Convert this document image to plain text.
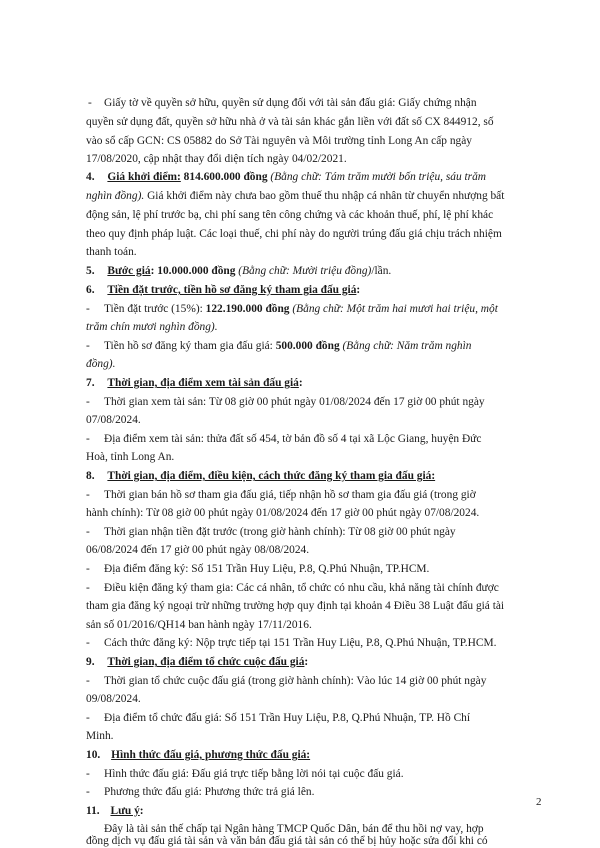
- Giấy tờ về quyền sở hữu, quyền sử dụng đối với tài sản đấu giá: Giấy chứng nhận
quyền sử dụng đất, quyền sở hữu nhà ở và tài sản khác gắn liền với đất số CX 844912, số
vào sổ cấp GCN: CS 05882 do Sở Tài nguyên và Môi trường tỉnh Long An cấp ngày
17/08/2020, cập nhật thay đổi diện tích ngày 04/02/2021.
4. Giá khởi điểm: 814.600.000 đồng (Bằng chữ: Tám trăm mười bốn triệu, sáu trăm
nghìn đồng). Giá khởi điểm này chưa bao gồm thuế thu nhập cá nhân từ chuyển nhượng bất
động sản, lệ phí trước bạ, chi phí sang tên công chứng và các khoản thuế, phí, lệ phí khác
theo quy định pháp luật. Các loại thuế, chi phí này do người trúng đấu giá chịu trách nhiệm
thanh toán.
5. Bước giá: 10.000.000 đồng (Bằng chữ: Mười triệu đồng)/lần.
6. Tiền đặt trước, tiền hồ sơ đăng ký tham gia đấu giá:
- Tiền đặt trước (15%): 122.190.000 đồng (Bằng chữ: Một trăm hai mươi hai triệu, một
trăm chín mươi nghìn đồng).
- Tiền hồ sơ đăng ký tham gia đấu giá: 500.000 đồng (Bằng chữ: Năm trăm nghìn
đồng).
7. Thời gian, địa điểm xem tài sản đấu giá:
- Thời gian xem tài sản: Từ 08 giờ 00 phút ngày 01/08/2024 đến 17 giờ 00 phút ngày
07/08/2024.
- Địa điểm xem tài sản: thửa đất số 454, tờ bản đồ số 4 tại xã Lộc Giang, huyện Đức
Hoà, tỉnh Long An.
8. Thời gian, địa điểm, điều kiện, cách thức đăng ký tham gia đấu giá:
- Thời gian bán hồ sơ tham gia đấu giá, tiếp nhận hồ sơ tham gia đấu giá (trong giờ
hành chính): Từ 08 giờ 00 phút ngày 01/08/2024 đến 17 giờ 00 phút ngày 07/08/2024.
- Thời gian nhận tiền đặt trước (trong giờ hành chính): Từ 08 giờ 00 phút ngày
06/08/2024 đến 17 giờ 00 phút ngày 08/08/2024.
- Địa điểm đăng ký: Số 151 Trần Huy Liệu, P.8, Q.Phú Nhuận, TP.HCM.
- Điều kiện đăng ký tham gia: Các cá nhân, tổ chức có nhu cầu, khả năng tài chính được
tham gia đăng ký ngoại trừ những trường hợp quy định tại khoản 4 Điều 38 Luật đấu giá tài
sản số 01/2016/QH14 ban hành ngày 17/11/2016.
- Cách thức đăng ký: Nộp trực tiếp tại 151 Trần Huy Liệu, P.8, Q.Phú Nhuận, TP.HCM.
9. Thời gian, địa điểm tổ chức cuộc đấu giá:
- Thời gian tổ chức cuộc đấu giá (trong giờ hành chính): Vào lúc 14 giờ 00 phút ngày
09/08/2024.
- Địa điểm tổ chức đấu giá: Số 151 Trần Huy Liệu, P.8, Q.Phú Nhuận, TP. Hồ Chí
Minh.
10. Hình thức đấu giá, phương thức đấu giá:
- Hình thức đấu giá: Đấu giá trực tiếp bằng lời nói tại cuộc đấu giá.
- Phương thức đấu giá: Phương thức trả giá lên.
11. Lưu ý:
Đây là tài sản thế chấp tại Ngân hàng TMCP Quốc Dân, bán để thu hồi nợ vay, hợp
đồng dịch vụ đấu giá tài sản và văn bản đấu giá tài sản có thể bị hủy hoặc sửa đổi khi có
2
